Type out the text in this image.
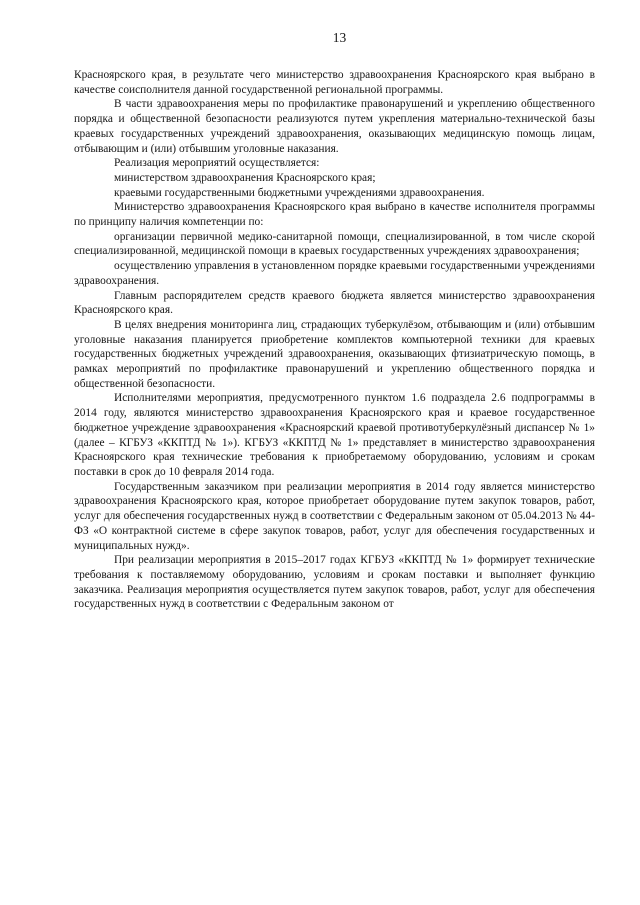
13

Красноярского края, в результате чего министерство здравоохранения Красноярского края выбрано в качестве соисполнителя данной государственной региональной программы.

В части здравоохранения меры по профилактике правонарушений и укреплению общественного порядка и общественной безопасности реализуются путем укрепления материально-технической базы краевых государственных учреждений здравоохранения, оказывающих медицинскую помощь лицам, отбывающим и (или) отбывшим уголовные наказания.

Реализация мероприятий осуществляется:

министерством здравоохранения Красноярского края;

краевыми государственными бюджетными учреждениями здравоохранения.

Министерство здравоохранения Красноярского края выбрано в качестве исполнителя программы по принципу наличия компетенции по:

организации первичной медико-санитарной помощи, специализированной, в том числе скорой специализированной, медицинской помощи в краевых государственных учреждениях здравоохранения;

осуществлению управления в установленном порядке краевыми государственными учреждениями здравоохранения.

Главным распорядителем средств краевого бюджета является министерство здравоохранения Красноярского края.

В целях внедрения мониторинга лиц, страдающих туберкулёзом, отбывающим и (или) отбывшим уголовные наказания планируется приобретение комплектов компьютерной техники для краевых государственных бюджетных учреждений здравоохранения, оказывающих фтизиатрическую помощь, в рамках мероприятий по профилактике правонарушений и укреплению общественного порядка и общественной безопасности.

Исполнителями мероприятия, предусмотренного пунктом 1.6 подраздела 2.6 подпрограммы в 2014 году, являются министерство здравоохранения Красноярского края и краевое государственное бюджетное учреждение здравоохранения «Красноярский краевой противотуберкулёзный диспансер № 1» (далее – КГБУЗ «ККПТД № 1»). КГБУЗ «ККПТД № 1» представляет в министерство здравоохранения Красноярского края технические требования к приобретаемому оборудованию, условиям и срокам поставки в срок до 10 февраля 2014 года.

Государственным заказчиком при реализации мероприятия в 2014 году является министерство здравоохранения Красноярского края, которое приобретает оборудование путем закупок товаров, работ, услуг для обеспечения государственных нужд в соответствии с Федеральным законом от 05.04.2013 № 44-ФЗ «О контрактной системе в сфере закупок товаров, работ, услуг для обеспечения государственных и муниципальных нужд».

При реализации мероприятия в 2015–2017 годах КГБУЗ «ККПТД № 1» формирует технические требования к поставляемому оборудованию, условиям и срокам поставки и выполняет функцию заказчика. Реализация мероприятия осуществляется путем закупок товаров, работ, услуг для обеспечения государственных нужд в соответствии с Федеральным законом от
